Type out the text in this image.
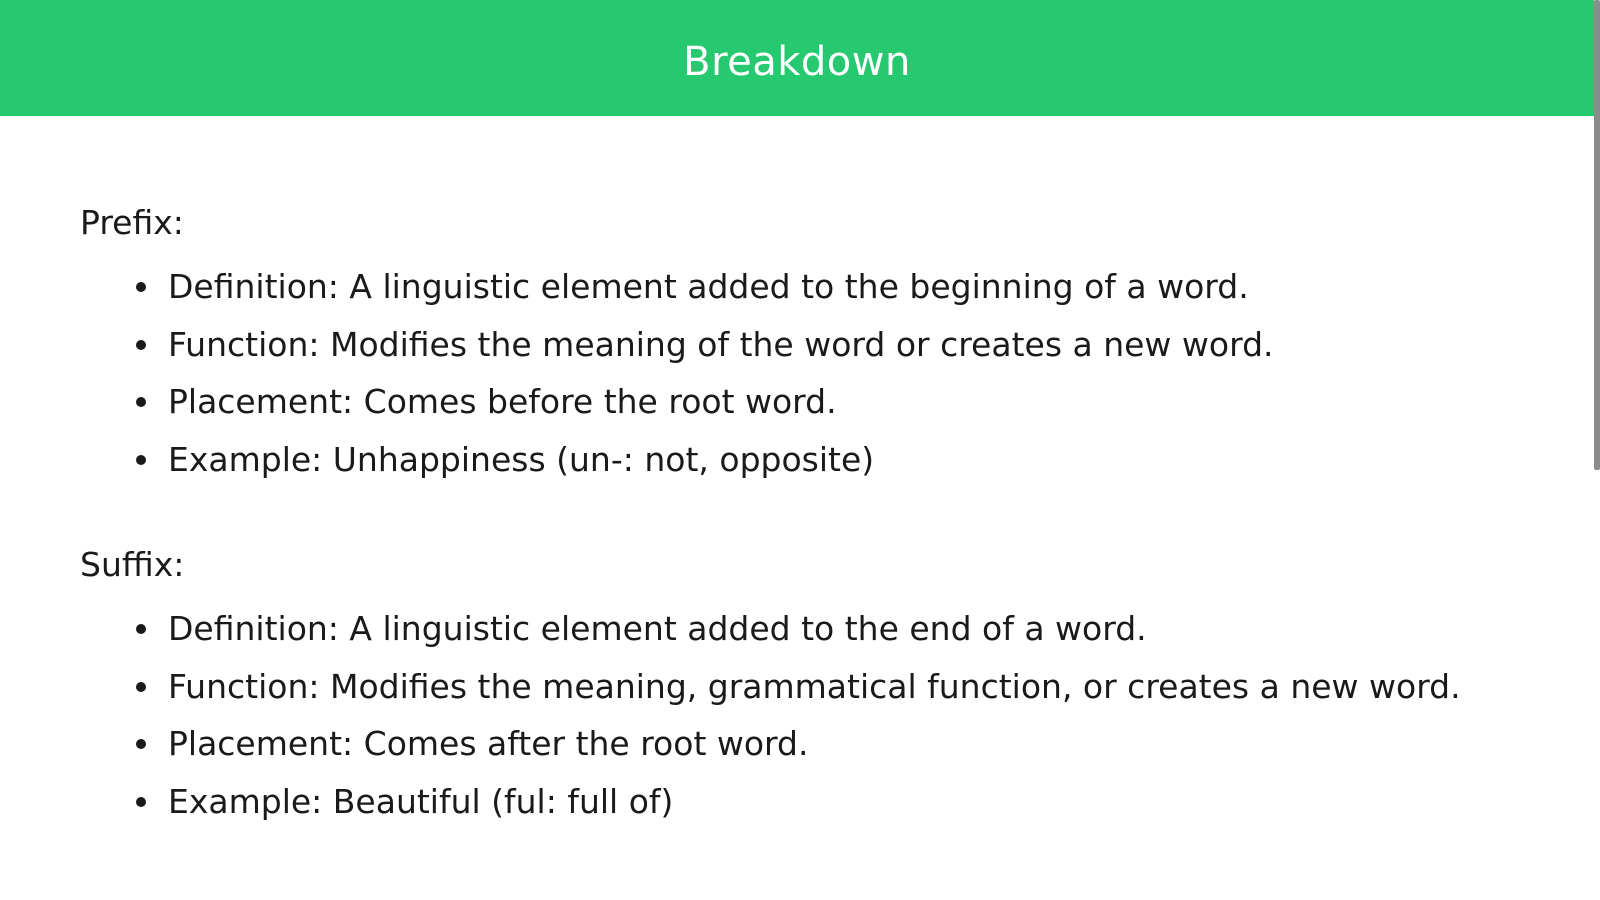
Breakdown
Prefix:
Definition: A linguistic element added to the beginning of a word.
Function: Modifies the meaning of the word or creates a new word.
Placement: Comes before the root word.
Example: Unhappiness (un-: not, opposite)
Suffix:
Definition: A linguistic element added to the end of a word.
Function: Modifies the meaning, grammatical function, or creates a new word.
Placement: Comes after the root word.
Example: Beautiful (ful: full of)
